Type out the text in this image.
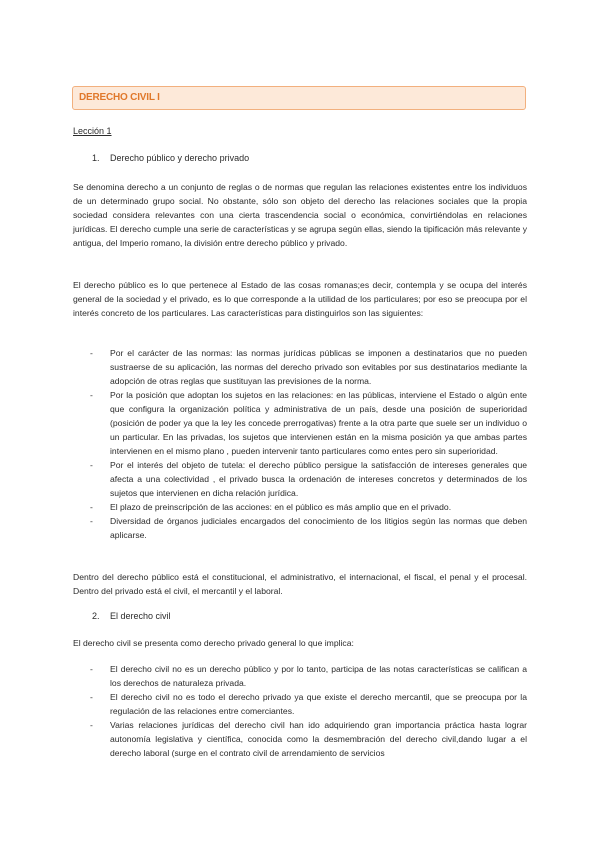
DERECHO CIVIL I
Lección 1
1. Derecho público y derecho privado
Se denomina derecho a un conjunto de reglas o de normas que regulan las relaciones existentes entre los individuos de un determinado grupo social. No obstante, sólo son objeto del derecho las relaciones sociales que la propia sociedad considera relevantes con una cierta trascendencia social o económica, convirtiéndolas en relaciones jurídicas. El derecho cumple una serie de características y se agrupa según ellas, siendo la tipificación más relevante y antigua, del Imperio romano, la división entre derecho público y privado.
El derecho público es lo que pertenece al Estado de las cosas romanas;es decir, contempla y se ocupa del interés general de la sociedad y el privado, es lo que corresponde a la utilidad de los particulares; por eso se preocupa por el interés concreto de los particulares. Las características para distinguirlos son las siguientes:
- Por el carácter de las normas: las normas jurídicas públicas se imponen a destinatarios que no pueden sustraerse de su aplicación, las normas del derecho privado son evitables por sus destinatarios mediante la adopción de otras reglas que sustituyan las previsiones de la norma.
- Por la posición que adoptan los sujetos en las relaciones: en las públicas, interviene el Estado o algún ente que configura la organización política y administrativa de un país, desde una posición de superioridad (posición de poder ya que la ley les concede prerrogativas) frente a la otra parte que suele ser un individuo o un particular. En las privadas, los sujetos que intervienen están en la misma posición ya que ambas partes intervienen en el mismo plano , pueden intervenir tanto particulares como entes pero sin superioridad.
- Por el interés del objeto de tutela: el derecho público persigue la satisfacción de intereses generales que afecta a una colectividad , el privado busca la ordenación de intereses concretos y determinados de los sujetos que intervienen en dicha relación jurídica.
- El plazo de preinscripción de las acciones: en el público es más amplio que en el privado.
- Diversidad de órganos judiciales encargados del conocimiento de los litigios según las normas que deben aplicarse.
Dentro del derecho público está el constitucional, el administrativo, el internacional, el fiscal, el penal y el procesal. Dentro del privado está el civil, el mercantil y el laboral.
2. El derecho civil
El derecho civil se presenta como derecho privado general lo que implica:
- El derecho civil no es un derecho público y por lo tanto, participa de las notas características se califican a los derechos de naturaleza privada.
- El derecho civil no es todo el derecho privado ya que existe el derecho mercantil, que se preocupa por la regulación de las relaciones entre comerciantes.
- Varias relaciones jurídicas del derecho civil han ido adquiriendo gran importancia práctica hasta lograr autonomía legislativa y científica, conocida como la desmembración del derecho civil,dando lugar a el derecho laboral (surge en el contrato civil de arrendamiento de servicios
